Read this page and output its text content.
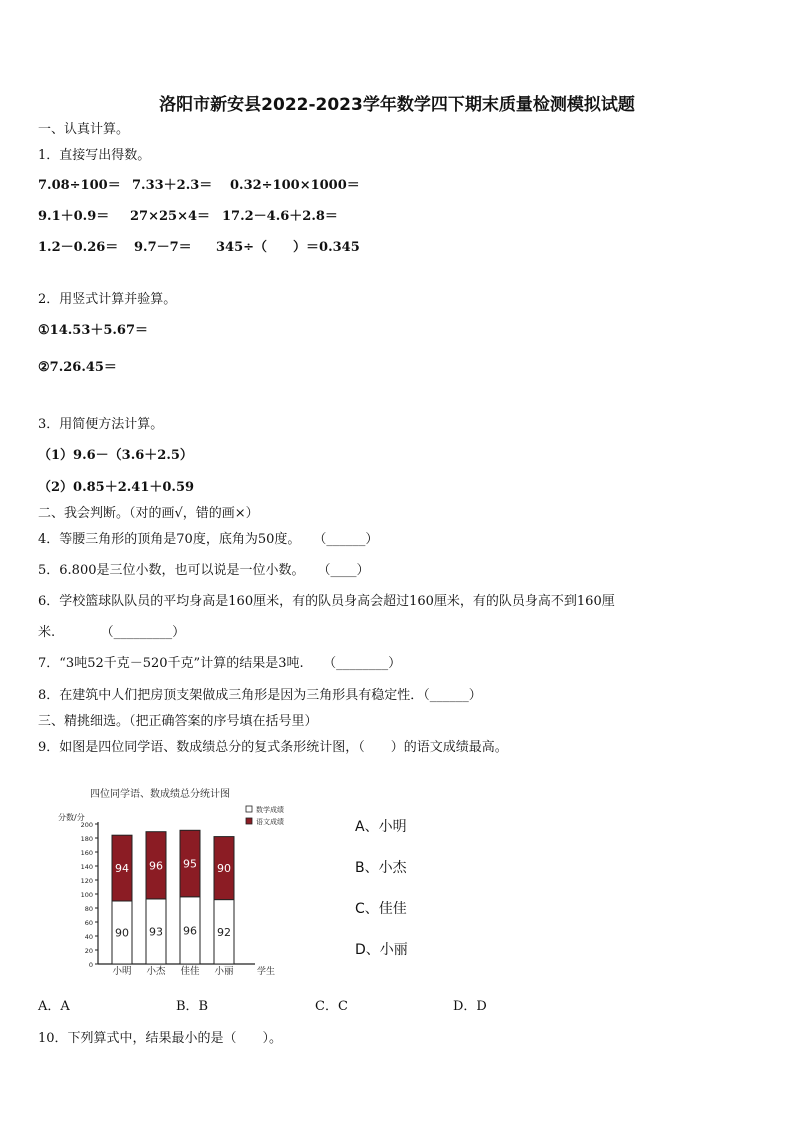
洛阳市新安县2022-2023学年数学四下期末质量检测模拟试题
一、认真计算。
1．直接写出得数。
7.08÷100＝ 7.33＋2.3＝ 0.32÷100×1000＝
9.1＋0.9＝ 27×25×4＝ 17.2－4.6＋2.8＝
1.2－0.26＝ 9.7－7＝ 345÷（　　）＝0.345
2．用竖式计算并验算。
①14.53＋5.67＝
②7.26.45＝
3．用简便方法计算。
（1）9.6－（3.6＋2.5）
（2）0.85＋2.41＋0.59
二、我会判断。（对的画√，错的画×）
4．等腰三角形的顶角是70度，底角为50度。　　（______）
5．6.800是三位小数，也可以说是一位小数。　　（____）
6．学校篮球队队员的平均身高是160厘米，有的队员身高会超过160厘米，有的队员身高不到160厘
米.　　　　（_________）
7．“3吨52千克－520千克”计算的结果是3吨.　　（________）
8．在建筑中人们把房顶支架做成三角形是因为三角形具有稳定性．（______）
三、精挑细选。（把正确答案的序号填在括号里）
9．如图是四位同学语、数成绩总分的复式条形统计图，（　　）的语文成绩最高。
四位同学语、数成绩总分统计图
分数/分
学生
0
20
40
60
80
100
120
140
160
180
200
90
94
93
96
96
95
92
90
小明 小杰 佳佳 小丽
数学成绩
语文成绩	A、小明
B、小杰
C、佳佳
D、小丽
A．A	B．B	C．C	D．D
10．下列算式中，结果最小的是（　　）。
